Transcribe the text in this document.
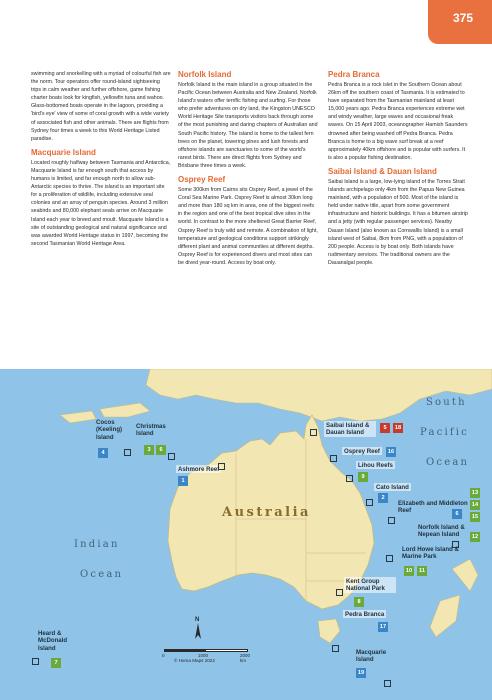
375

swimming and snorkelling with a myriad of colourful fish are the norm. Tour operators offer round-island sightseeing trips in calm weather and further offshore, game fishing charter boats look for kingfish, yellowfin tuna and wahoo. Glass-bottomed boats operate in the lagoon, providing a 'bird's eye' view of some of coral growth with a wide variety of associated fish and other animals. There are flights from Sydney four times a week to this World Heritage Listed paradise.

Macquarie Island

Located roughly halfway between Tasmania and Antarctica, Macquarie Island is far enough south that access by humans is limited, and far enough north to allow sub-Antarctic species to thrive. The island is an important site for a proliferation of wildlife, including extensive seal colonies and an array of penguin species. Around 3 million seabirds and 80,000 elephant seals arrive on Macquarie Island each year to breed and moult. Macquarie Island is a site of outstanding geological and natural significance and was awarded World Heritage status in 1997, becoming the second Tasmanian World Heritage Area.

Norfolk Island

Norfolk Island is the main island in a group situated in the Pacific Ocean between Australia and New Zealand. Norfolk Island's waters offer terrific fishing and surfing. For those who prefer adventures on dry land, the Kingston UNESCO World Heritage Site transports visitors back through some of the most punishing and daring chapters of Australian and South Pacific history. The island is home to the tallest fern trees on the planet, towering pines and lush forests and offshore islands are sanctuaries to some of the world's rarest birds. There are direct flights from Sydney and Brisbane three times a week.

Osprey Reef

Some 300km from Cairns sits Osprey Reef, a jewel of the Coral Sea Marine Park. Osprey Reef is almost 30km long and more than 180 sq km in area, one of the biggest reefs in the region and one of the best tropical dive sites in the world. In contrast to the more sheltered Great Barrier Reef, Osprey Reef is truly wild and remote. A combination of light, temperature and geological conditions support strikingly different plant and animal communities at different depths. Osprey Reef is for experienced divers and most sites can be dived year-round. Access by boat only.

Pedra Branca

Pedra Branca is a rock islet in the Southern Ocean about 26km off the southern coast of Tasmania. It is estimated to have separated from the Tasmanian mainland at least 15,000 years ago. Pedra Branca experiences extreme wet and windy weather, large waves and occasional freak waves. On 15 April 2003, oceanographer Hamish Saunders drowned after being washed off Pedra Branca. Pedra Branca is home to a big wave surf break at a reef approximately 40km offshore and is popular with surfers. It is also a popular fishing destination.

Saibai Island & Dauan Island

Saibai Island is a large, low-lying island of the Torres Strait Islands archipelago only 4km from the Papua New Guinea mainland, with a population of 500. Most of the island is held under native title, apart from some government infrastructure and historic buildings. It has a bitumen airstrip and a jetty (with regular passenger services). Nearby Dauan Island (also known as Cornwallis Island) is a small island west of Saibai, 8km from PNG, with a population of 200 people. Access is by boat only. Both islands have rudimentary services. The traditional owners are the Dauanalgal people.

Indian
Ocean
South
Pacific
Ocean
Australia
Cocos (Keeling) Island
4
Christmas Island
3	6
Ashmore Reef
1
Saibai Island & Dauan Island
5	18
Osprey Reef	16
Lihou Reefs
9
Cato Island
2
Elizabeth and Middleton Reef	6
13
14
15
12
Norfolk Island & Nepean Island
Lord Howe Island & Marine Park
10	11
Kent Group National Park
8
Pedra Branca
17
Heard & McDonald Island
7
Macquarie Island
19
N
0	1000	2000
km
© Hema Maps 2022
